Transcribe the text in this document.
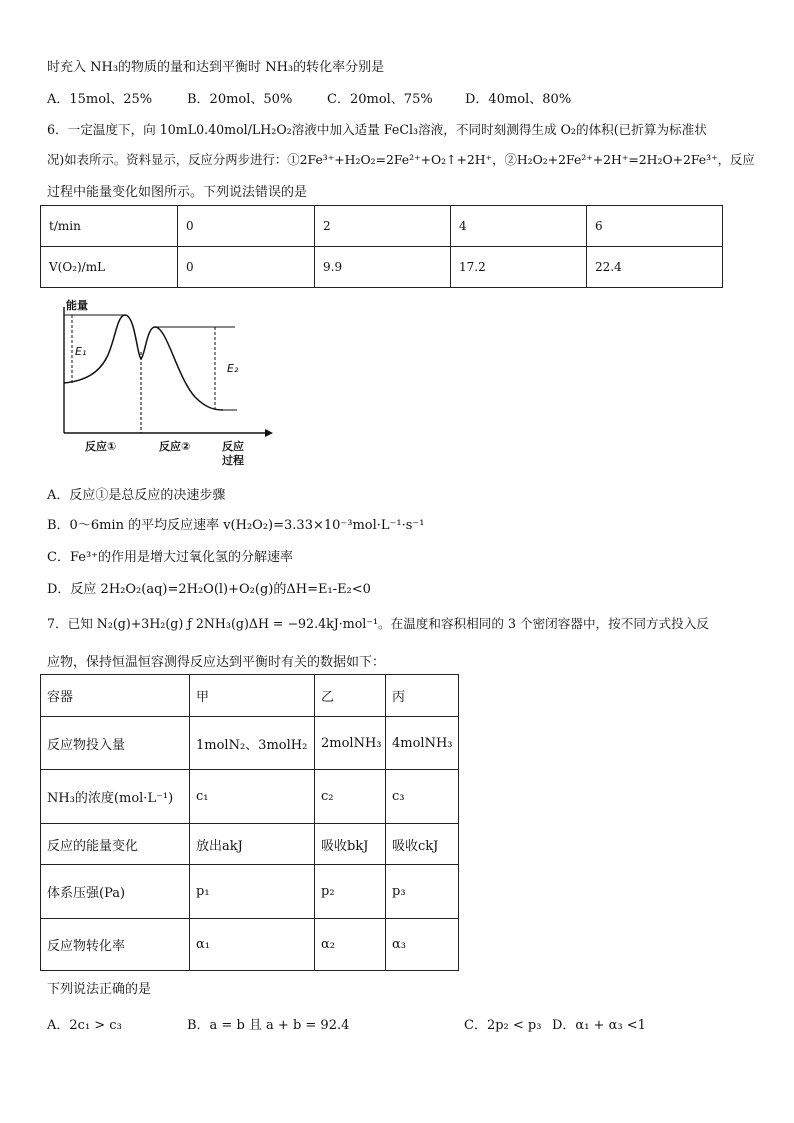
时充入 NH₃的物质的量和达到平衡时 NH₃的转化率分别是
A．15mol、25%	B．20mol、50%	C．20mol、75% D．40mol、80%
6．一定温度下，向 10mL0.40mol/LH₂O₂溶液中加入适量 FeCl₃溶液，不同时刻测得生成 O₂的体积(已折算为标准状
况)如表所示。资料显示，反应分两步进行：①2Fe³⁺+H₂O₂=2Fe²⁺+O₂↑+2H⁺，②H₂O₂+2Fe²⁺+2H⁺=2H₂O+2Fe³⁺，反应
过程中能量变化如图所示。下列说法错误的是
t/min	0	2	4	6
V(O₂)/mL	0	9.9	17.2	22.4
能量
E₁
E₂
反应①	反应②	反应
过程
A．反应①是总反应的决速步骤
B．0～6min 的平均反应速率 v(H₂O₂)=3.33×10⁻³mol·L⁻¹·s⁻¹
C．Fe³⁺的作用是增大过氧化氢的分解速率
D．反应 2H₂O₂(aq)=2H₂O(l)+O₂(g)的ΔH=E₁-E₂<0
7．已知 N₂(g)+3H₂(g) ƒ 2NH₃(g)ΔH = −92.4kJ·mol⁻¹。在温度和容积相同的 3 个密闭容器中，按不同方式投入反
应物，保持恒温恒容测得反应达到平衡时有关的数据如下：
容器	甲	乙	丙
反应物投入量	1molN₂、3molH₂	2molNH₃	4molNH₃
NH₃的浓度(mol·L⁻¹)	c₁	c₂	c₃
反应的能量变化	放出akJ	吸收bkJ	吸收ckJ
体系压强(Pa)	p₁	p₂	p₃
反应物转化率	α₁	α₂	α₃
下列说法正确的是
A．2c₁ > c₃	B．a = b 且 a + b = 92.4	C．2p₂ < p₃ D．α₁ + α₃ <1
